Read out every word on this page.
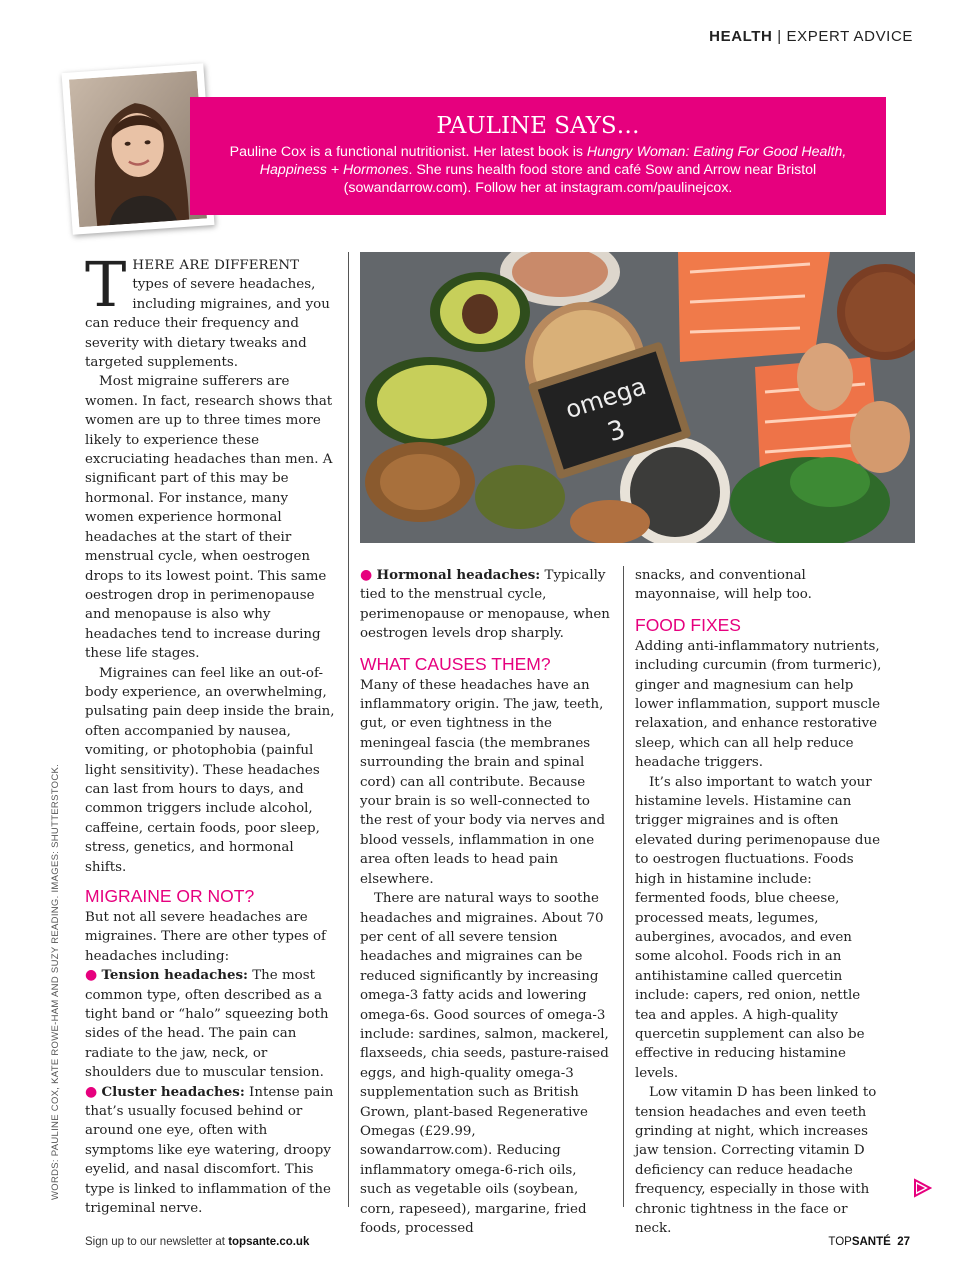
HEALTH | EXPERT ADVICE
PAULINE SAYS…
Pauline Cox is a functional nutritionist. Her latest book is Hungry Woman: Eating For Good Health, Happiness + Hormones. She runs health food store and café Sow and Arrow near Bristol (sowandarrow.com). Follow her at instagram.com/paulinejcox.

THERE ARE DIFFERENT types of severe headaches, including migraines, and you can reduce their frequency and severity with dietary tweaks and targeted supplements.

Most migraine sufferers are women. In fact, research shows that women are up to three times more likely to experience these excruciating headaches than men. A significant part of this may be hormonal. For instance, many women experience hormonal headaches at the start of their menstrual cycle, when oestrogen drops to its lowest point. This same oestrogen drop in perimenopause and menopause is also why headaches tend to increase during these life stages.

Migraines can feel like an out-of-body experience, an overwhelming, pulsating pain deep inside the brain, often accompanied by nausea, vomiting, or photophobia (painful light sensitivity). These headaches can last from hours to days, and common triggers include alcohol, caffeine, certain foods, poor sleep, stress, genetics, and hormonal shifts.

MIGRAINE OR NOT?

But not all severe headaches are migraines. There are other types of headaches including:

● Tension headaches: The most common type, often described as a tight band or “halo” squeezing both sides of the head. The pain can radiate to the jaw, neck, or shoulders due to muscular tension.

● Cluster headaches: Intense pain that’s usually focused behind or around one eye, often with symptoms like eye watering, droopy eyelid, and nasal discomfort. This type is linked to inflammation of the trigeminal nerve.

omega
3

● Hormonal headaches: Typically tied to the menstrual cycle, perimenopause or menopause, when oestrogen levels drop sharply.

WHAT CAUSES THEM?

Many of these headaches have an inflammatory origin. The jaw, teeth, gut, or even tightness in the meningeal fascia (the membranes surrounding the brain and spinal cord) can all contribute. Because your brain is so well-connected to the rest of your body via nerves and blood vessels, inflammation in one area often leads to head pain elsewhere.

There are natural ways to soothe headaches and migraines. About 70 per cent of all severe tension headaches and migraines can be reduced significantly by increasing omega-3 fatty acids and lowering omega-6s. Good sources of omega-3 include: sardines, salmon, mackerel, flaxseeds, chia seeds, pasture-raised eggs, and high-quality omega-3 supplementation such as British Grown, plant-based Regenerative Omegas (£29.99, sowandarrow.com). Reducing inflammatory omega-6-rich oils, such as vegetable oils (soybean, corn, rapeseed), margarine, fried foods, processed

snacks, and conventional mayonnaise, will help too.

FOOD FIXES

Adding anti-inflammatory nutrients, including curcumin (from turmeric), ginger and magnesium can help lower inflammation, support muscle relaxation, and enhance restorative sleep, which can all help reduce headache triggers.

It’s also important to watch your histamine levels. Histamine can trigger migraines and is often elevated during perimenopause due to oestrogen fluctuations. Foods high in histamine include: fermented foods, blue cheese, processed meats, legumes, aubergines, avocados, and even some alcohol. Foods rich in an antihistamine called quercetin include: capers, red onion, nettle tea and apples. A high-quality quercetin supplement can also be effective in reducing histamine levels.

Low vitamin D has been linked to tension headaches and even teeth grinding at night, which increases jaw tension. Correcting vitamin D deficiency can reduce headache frequency, especially in those with chronic tightness in the face or neck.

WORDS: PAULINE COX, KATE ROWE-HAM AND SUZY READING. IMAGES: SHUTTERSTOCK.
Sign up to our newsletter at topsante.co.uk	TOPSANTÉ 27
